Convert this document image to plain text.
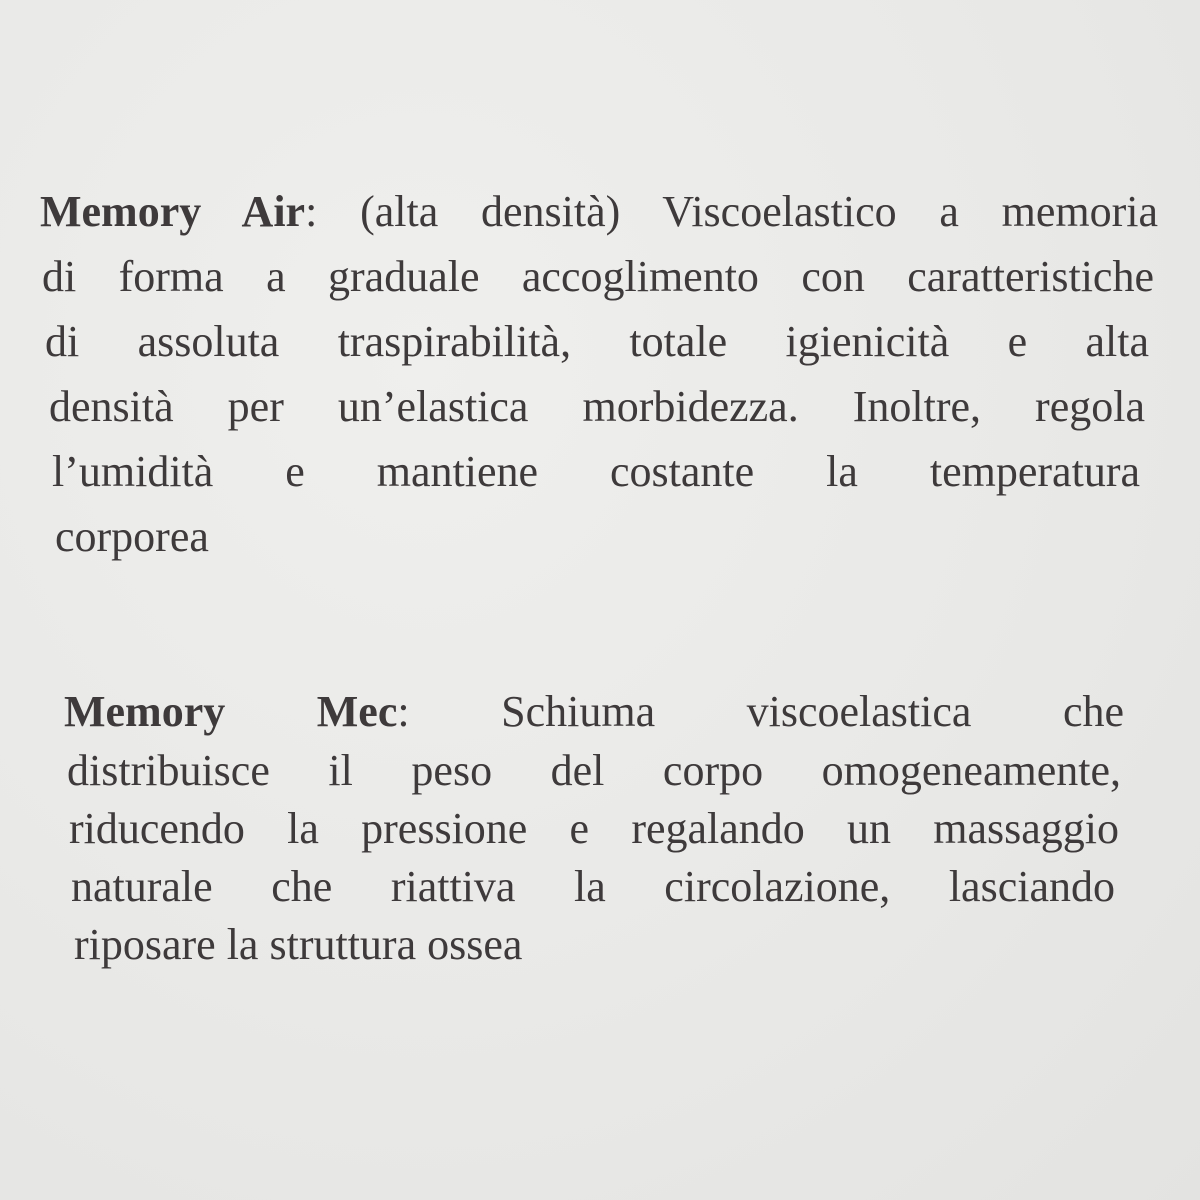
Memory Air: (alta densità) Viscoelastico a memoria
di forma a graduale accoglimento con caratteristiche
di assoluta traspirabilità, totale igienicità e alta
densità per un’elastica morbidezza. Inoltre, regola
l’umidità e mantiene costante la temperatura
corporea
Memory Mec: Schiuma viscoelastica che
distribuisce il peso del corpo omogeneamente,
riducendo la pressione e regalando un massaggio
naturale che riattiva la circolazione, lasciando
riposare la struttura ossea
